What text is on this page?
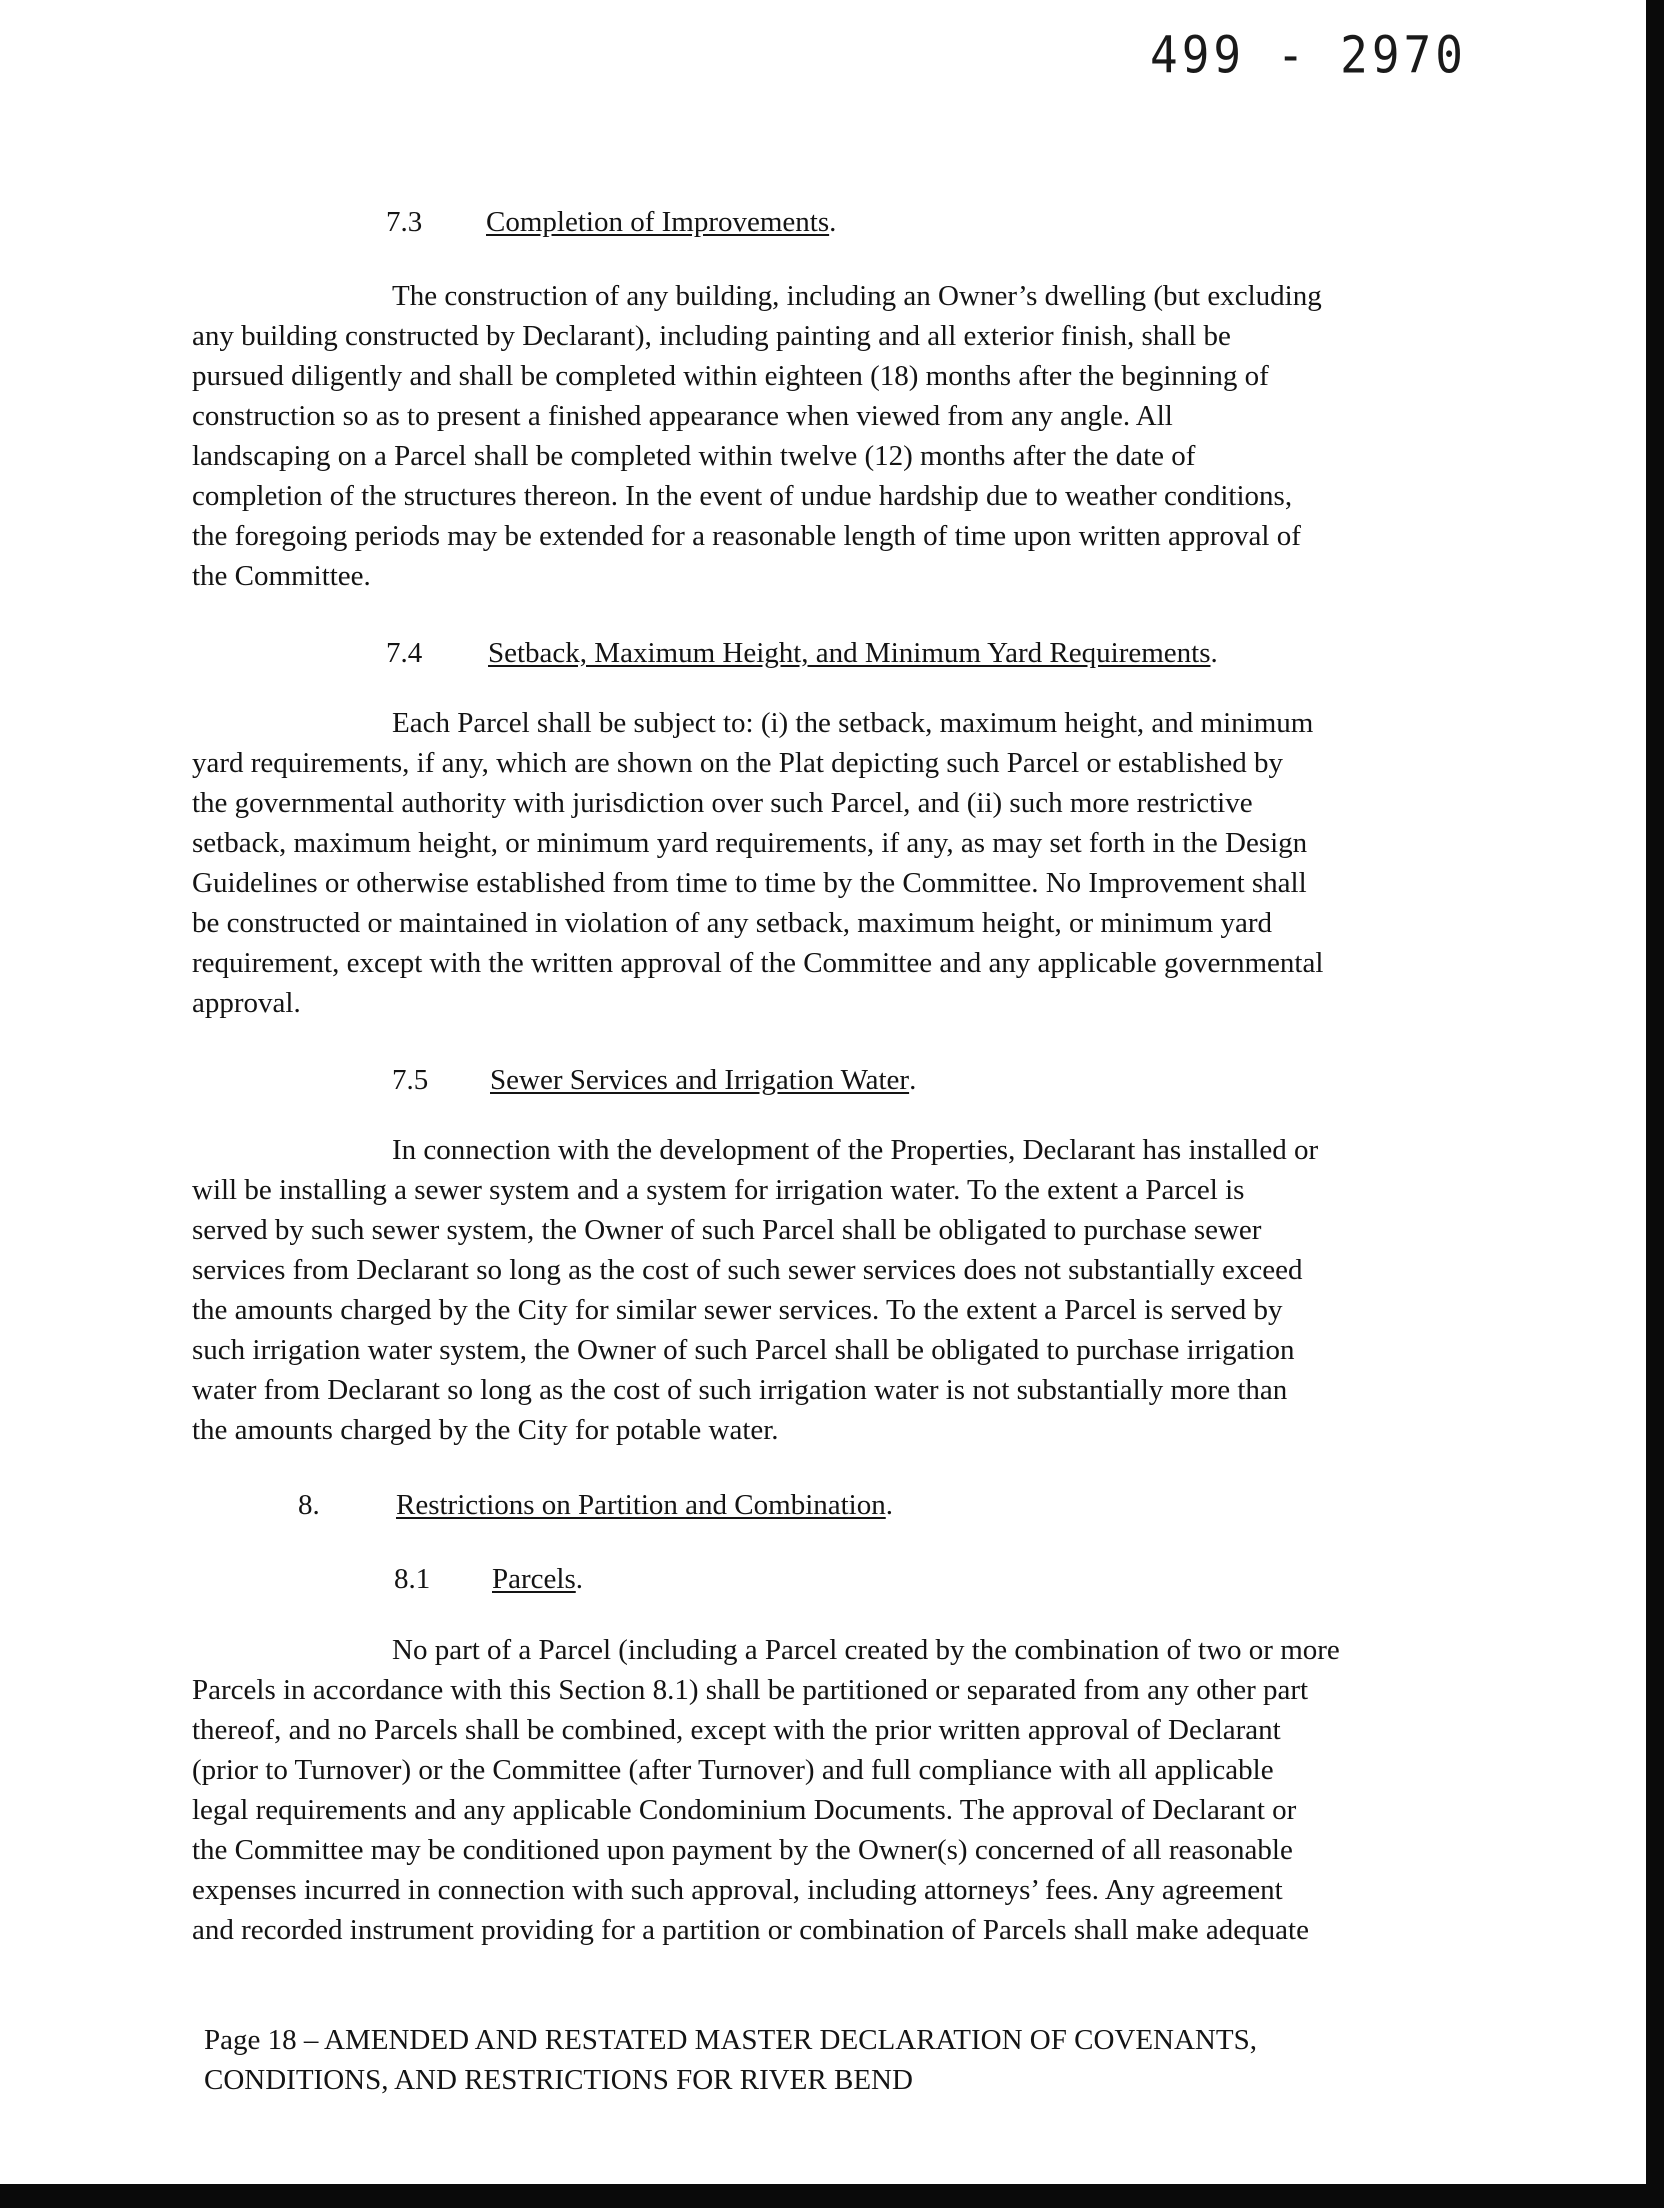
499 - 2970
7.3 Completion of Improvements.
The construction of any building, including an Owner’s dwelling (but excluding
any building constructed by Declarant), including painting and all exterior finish, shall be
pursued diligently and shall be completed within eighteen (18) months after the beginning of
construction so as to present a finished appearance when viewed from any angle. All
landscaping on a Parcel shall be completed within twelve (12) months after the date of
completion of the structures thereon. In the event of undue hardship due to weather conditions,
the foregoing periods may be extended for a reasonable length of time upon written approval of
the Committee.
7.4 Setback, Maximum Height, and Minimum Yard Requirements.
Each Parcel shall be subject to: (i) the setback, maximum height, and minimum
yard requirements, if any, which are shown on the Plat depicting such Parcel or established by
the governmental authority with jurisdiction over such Parcel, and (ii) such more restrictive
setback, maximum height, or minimum yard requirements, if any, as may set forth in the Design
Guidelines or otherwise established from time to time by the Committee. No Improvement shall
be constructed or maintained in violation of any setback, maximum height, or minimum yard
requirement, except with the written approval of the Committee and any applicable governmental
approval.
7.5 Sewer Services and Irrigation Water.
In connection with the development of the Properties, Declarant has installed or
will be installing a sewer system and a system for irrigation water. To the extent a Parcel is
served by such sewer system, the Owner of such Parcel shall be obligated to purchase sewer
services from Declarant so long as the cost of such sewer services does not substantially exceed
the amounts charged by the City for similar sewer services. To the extent a Parcel is served by
such irrigation water system, the Owner of such Parcel shall be obligated to purchase irrigation
water from Declarant so long as the cost of such irrigation water is not substantially more than
the amounts charged by the City for potable water.
8.	Restrictions on Partition and Combination.
8.1 Parcels.
No part of a Parcel (including a Parcel created by the combination of two or more
Parcels in accordance with this Section 8.1) shall be partitioned or separated from any other part
thereof, and no Parcels shall be combined, except with the prior written approval of Declarant
(prior to Turnover) or the Committee (after Turnover) and full compliance with all applicable
legal requirements and any applicable Condominium Documents. The approval of Declarant or
the Committee may be conditioned upon payment by the Owner(s) concerned of all reasonable
expenses incurred in connection with such approval, including attorneys’ fees. Any agreement
and recorded instrument providing for a partition or combination of Parcels shall make adequate
Page 18 – AMENDED AND RESTATED MASTER DECLARATION OF COVENANTS,
CONDITIONS, AND RESTRICTIONS FOR RIVER BEND
